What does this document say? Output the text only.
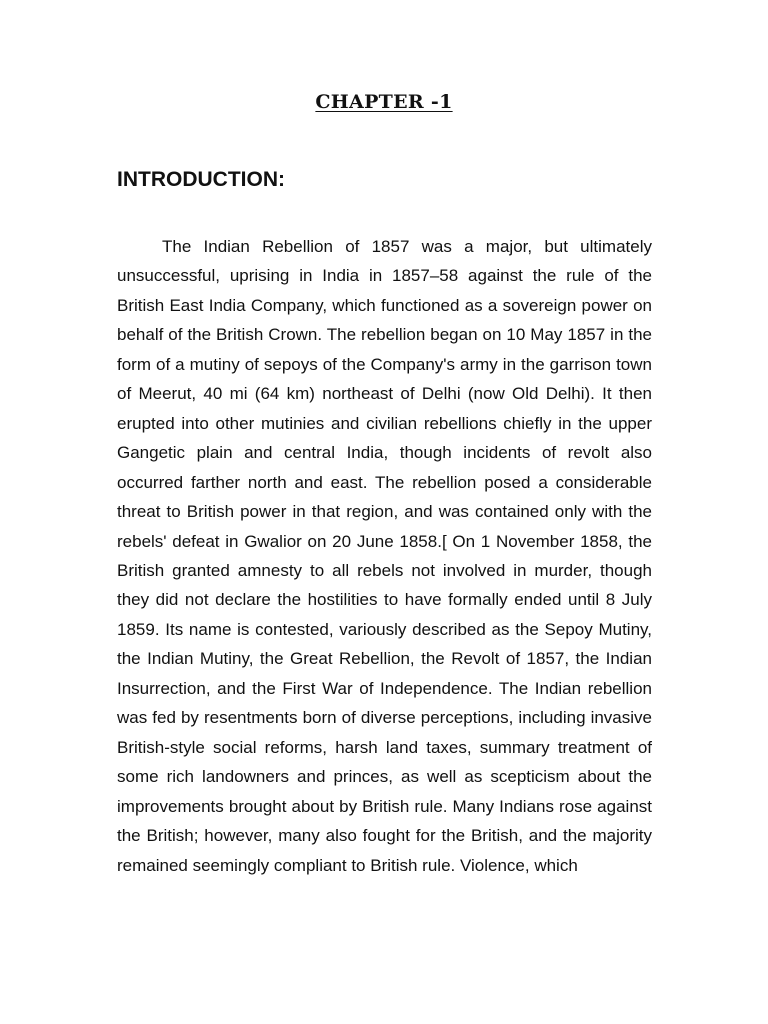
CHAPTER -1
INTRODUCTION:

The Indian Rebellion of 1857 was a major, but ultimately unsuccessful, uprising in India in 1857–58 against the rule of the British East India Company, which functioned as a sovereign power on behalf of the British Crown. The rebellion began on 10 May 1857 in the form of a mutiny of sepoys of the Company's army in the garrison town of Meerut, 40 mi (64 km) northeast of Delhi (now Old Delhi). It then erupted into other mutinies and civilian rebellions chiefly in the upper Gangetic plain and central India, though incidents of revolt also occurred farther north and east. The rebellion posed a considerable threat to British power in that region, and was contained only with the rebels' defeat in Gwalior on 20 June 1858.[ On 1 November 1858, the British granted amnesty to all rebels not involved in murder, though they did not declare the hostilities to have formally ended until 8 July 1859. Its name is contested, variously described as the Sepoy Mutiny, the Indian Mutiny, the Great Rebellion, the Revolt of 1857, the Indian Insurrection, and the First War of Independence. The Indian rebellion was fed by resentments born of diverse perceptions, including invasive British-style social reforms, harsh land taxes, summary treatment of some rich landowners and princes, as well as scepticism about the improvements brought about by British rule. Many Indians rose against the British; however, many also fought for the British, and the majority remained seemingly compliant to British rule. Violence, which
